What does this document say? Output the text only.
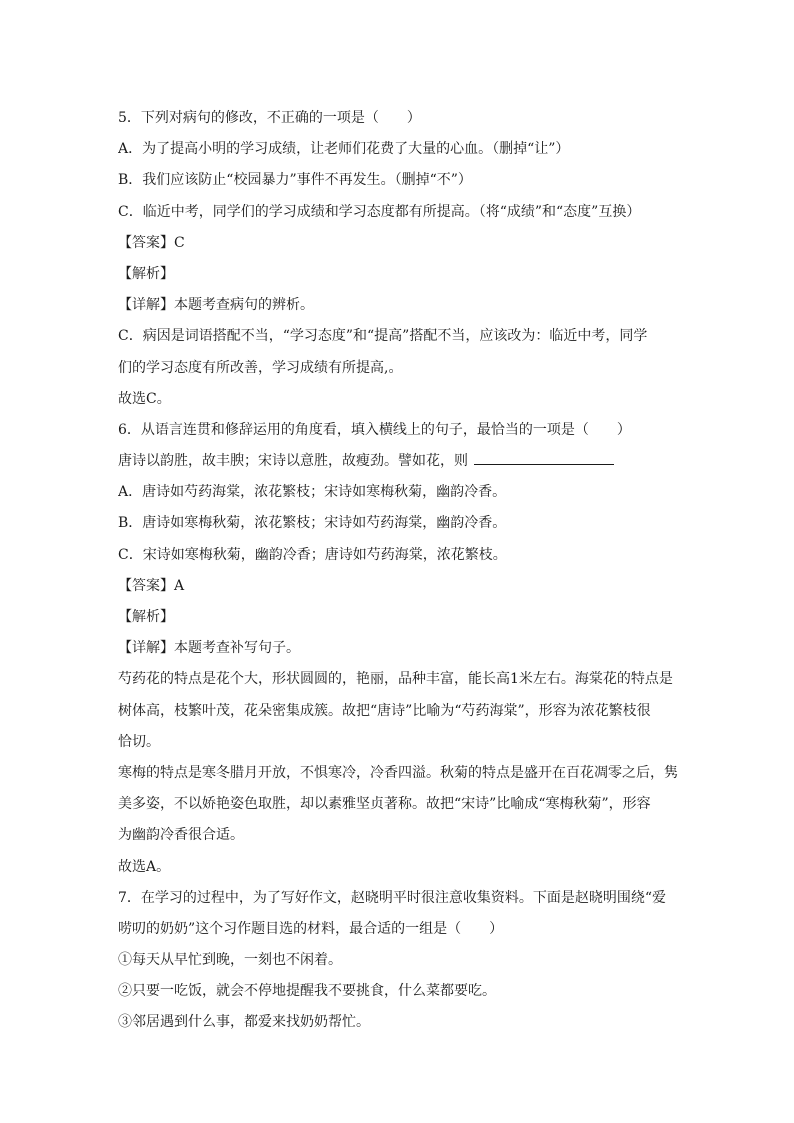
5．下列对病句的修改，不正确的一项是（　　）
A．为了提高小明的学习成绩，让老师们花费了大量的心血。（删掉“让”）
B．我们应该防止“校园暴力”事件不再发生。（删掉“不”）
C．临近中考，同学们的学习成绩和学习态度都有所提高。（将“成绩”和“态度”互换）
【答案】C
【解析】
【详解】本题考查病句的辨析。
C．病因是词语搭配不当，“学习态度”和“提高”搭配不当，应该改为：临近中考，同学
们的学习态度有所改善，学习成绩有所提高,。
故选C。
6．从语言连贯和修辞运用的角度看，填入横线上的句子，最恰当的一项是（　　）
唐诗以韵胜，故丰腴；宋诗以意胜，故瘦劲。譬如花，则
A．唐诗如芍药海棠，浓花繁枝；宋诗如寒梅秋菊，幽韵冷香。
B．唐诗如寒梅秋菊，浓花繁枝；宋诗如芍药海棠，幽韵冷香。
C．宋诗如寒梅秋菊，幽韵冷香；唐诗如芍药海棠，浓花繁枝。
【答案】A
【解析】
【详解】本题考查补写句子。
芍药花的特点是花个大，形状圆圆的，艳丽，品种丰富，能长高1米左右。海棠花的特点是
树体高，枝繁叶茂，花朵密集成簇。故把“唐诗”比喻为“芍药海棠”，形容为浓花繁枝很
恰切。
寒梅的特点是寒冬腊月开放，不惧寒冷，冷香四溢。秋菊的特点是盛开在百花凋零之后，隽
美多姿，不以娇艳姿色取胜，却以素雅坚贞著称。故把“宋诗”比喻成“寒梅秋菊”，形容
为幽韵冷香很合适。
故选A。
7．在学习的过程中，为了写好作文，赵晓明平时很注意收集资料。下面是赵晓明围绕“爱
唠叨的奶奶”这个习作题目选的材料，最合适的一组是（　　）
①每天从早忙到晚，一刻也不闲着。
②只要一吃饭，就会不停地提醒我不要挑食，什么菜都要吃。
③邻居遇到什么事，都爱来找奶奶帮忙。
